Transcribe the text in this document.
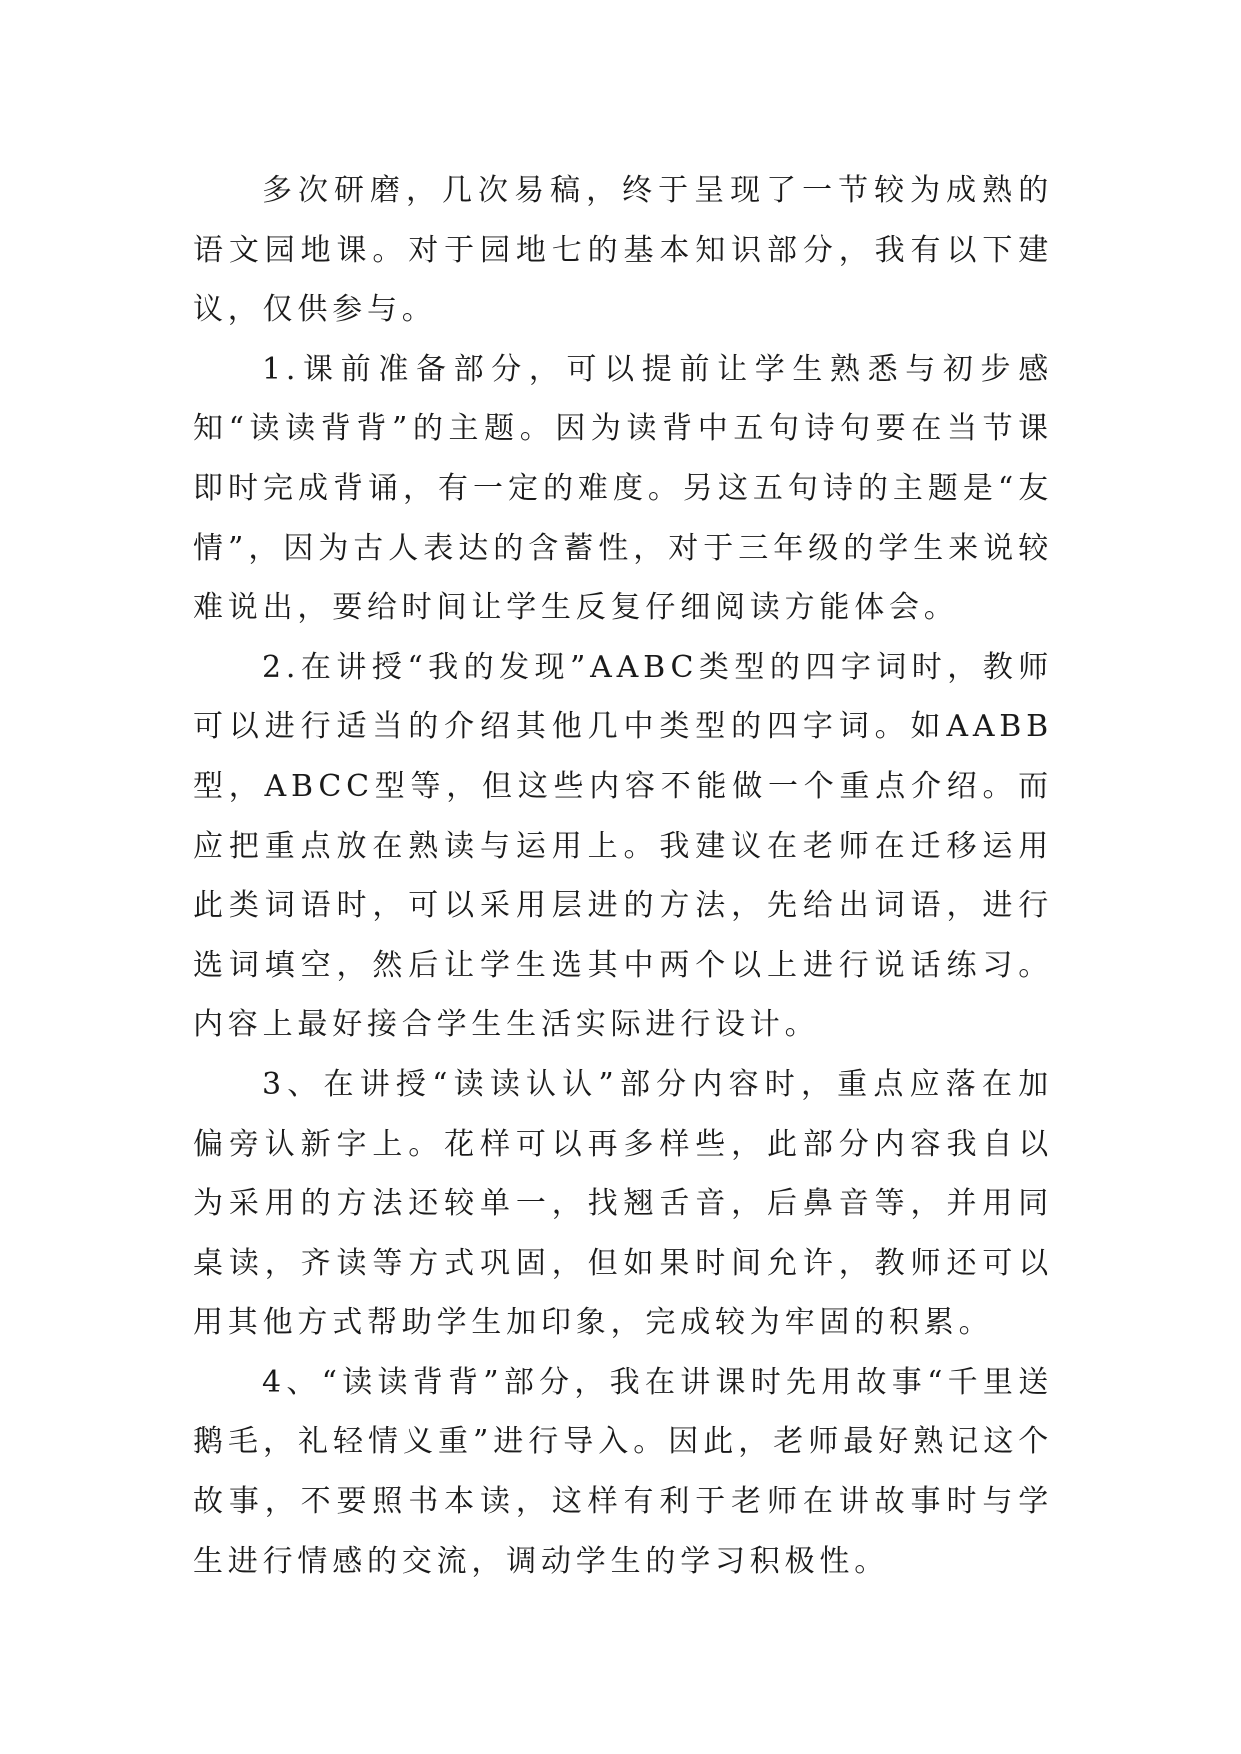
多次研磨，几次易稿，终于呈现了一节较为成熟的语文园地课。对于园地七的基本知识部分，我有以下建议，仅供参与。

1.课前准备部分，可以提前让学生熟悉与初步感知“读读背背”的主题。因为读背中五句诗句要在当节课即时完成背诵，有一定的难度。另这五句诗的主题是“友情”，因为古人表达的含蓄性，对于三年级的学生来说较难说出，要给时间让学生反复仔细阅读方能体会。

2.在讲授“我的发现”AABC类型的四字词时，教师可以进行适当的介绍其他几中类型的四字词。如AABB型，ABCC型等，但这些内容不能做一个重点介绍。而应把重点放在熟读与运用上。我建议在老师在迁移运用此类词语时，可以采用层进的方法，先给出词语，进行选词填空，然后让学生选其中两个以上进行说话练习。内容上最好接合学生生活实际进行设计。

3、在讲授“读读认认”部分内容时，重点应落在加偏旁认新字上。花样可以再多样些，此部分内容我自以为采用的方法还较单一，找翘舌音，后鼻音等，并用同桌读，齐读等方式巩固，但如果时间允许，教师还可以用其他方式帮助学生加印象，完成较为牢固的积累。

4、“读读背背”部分，我在讲课时先用故事“千里送鹅毛，礼轻情义重”进行导入。因此，老师最好熟记这个故事，不要照书本读，这样有利于老师在讲故事时与学生进行情感的交流，调动学生的学习积极性。
